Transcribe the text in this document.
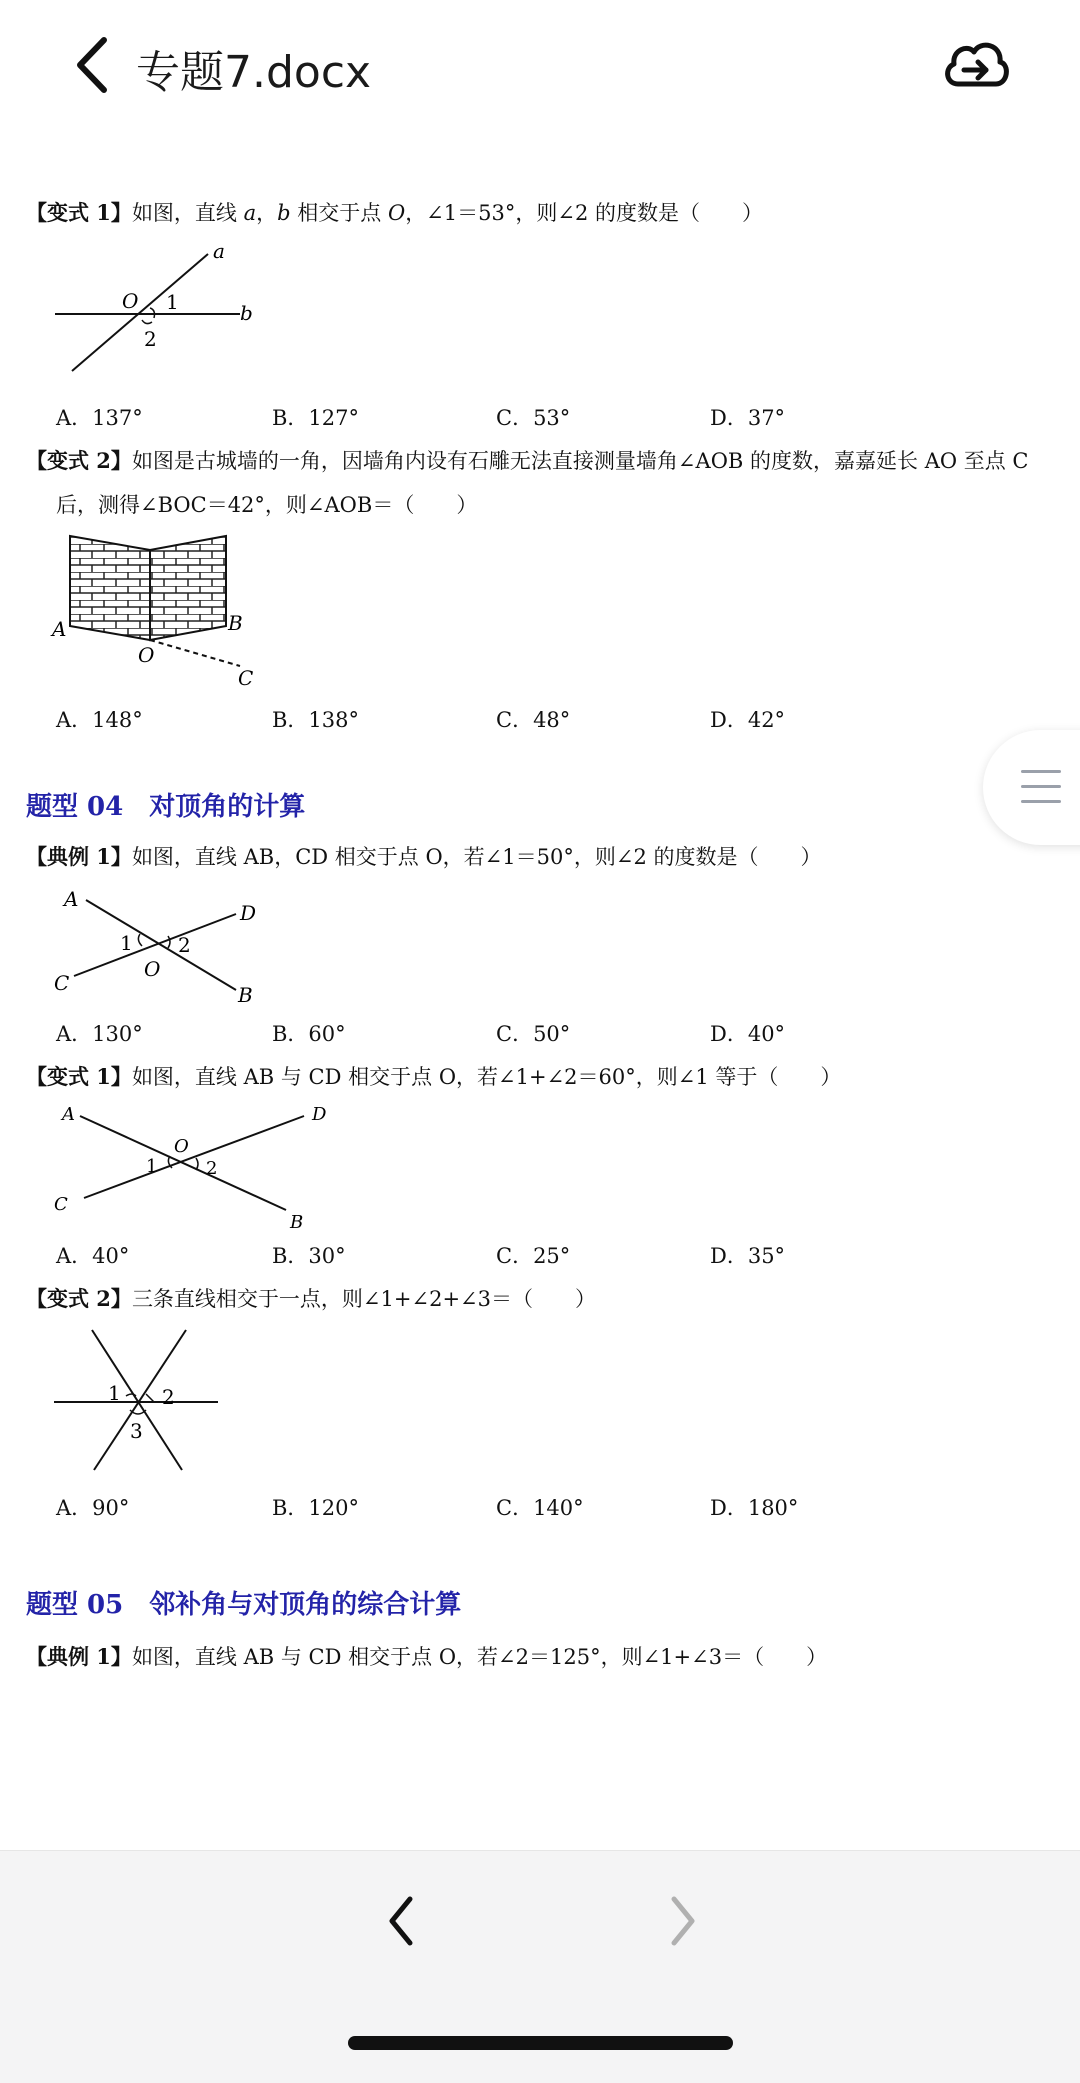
专题7.docx
【变式 1】如图，直线 a，b 相交于点 O，∠1＝53°，则∠2 的度数是（　　）
a
b
O 1
2
A．137°	B．127°	C．53°	D．37°
【变式 2】如图是古城墙的一角，因墙角内设有石雕无法直接测量墙角∠AOB 的度数，嘉嘉延长 AO 至点 C
后，测得∠BOC＝42°，则∠AOB＝（　　）
A	B
O
C
A．148°	B．138°	C．48°	D．42°
题型 04　对顶角的计算
【典例 1】如图，直线 AB，CD 相交于点 O，若∠1＝50°，则∠2 的度数是（　　）
A
B
C
D
O
1 2
A．130°	B．60°	C．50°	D．40°
【变式 1】如图，直线 AB 与 CD 相交于点 O，若∠1+∠2＝60°，则∠1 等于（　　）
A
B
C
D
O
1	2
A．40°	B．30°	C．25°	D．35°
【变式 2】三条直线相交于一点，则∠1+∠2+∠3＝（　　）
1 2
3
A．90°	B．120°	C．140°	D．180°
题型 05　邻补角与对顶角的综合计算
【典例 1】如图，直线 AB 与 CD 相交于点 O，若∠2＝125°，则∠1+∠3＝（　　）
